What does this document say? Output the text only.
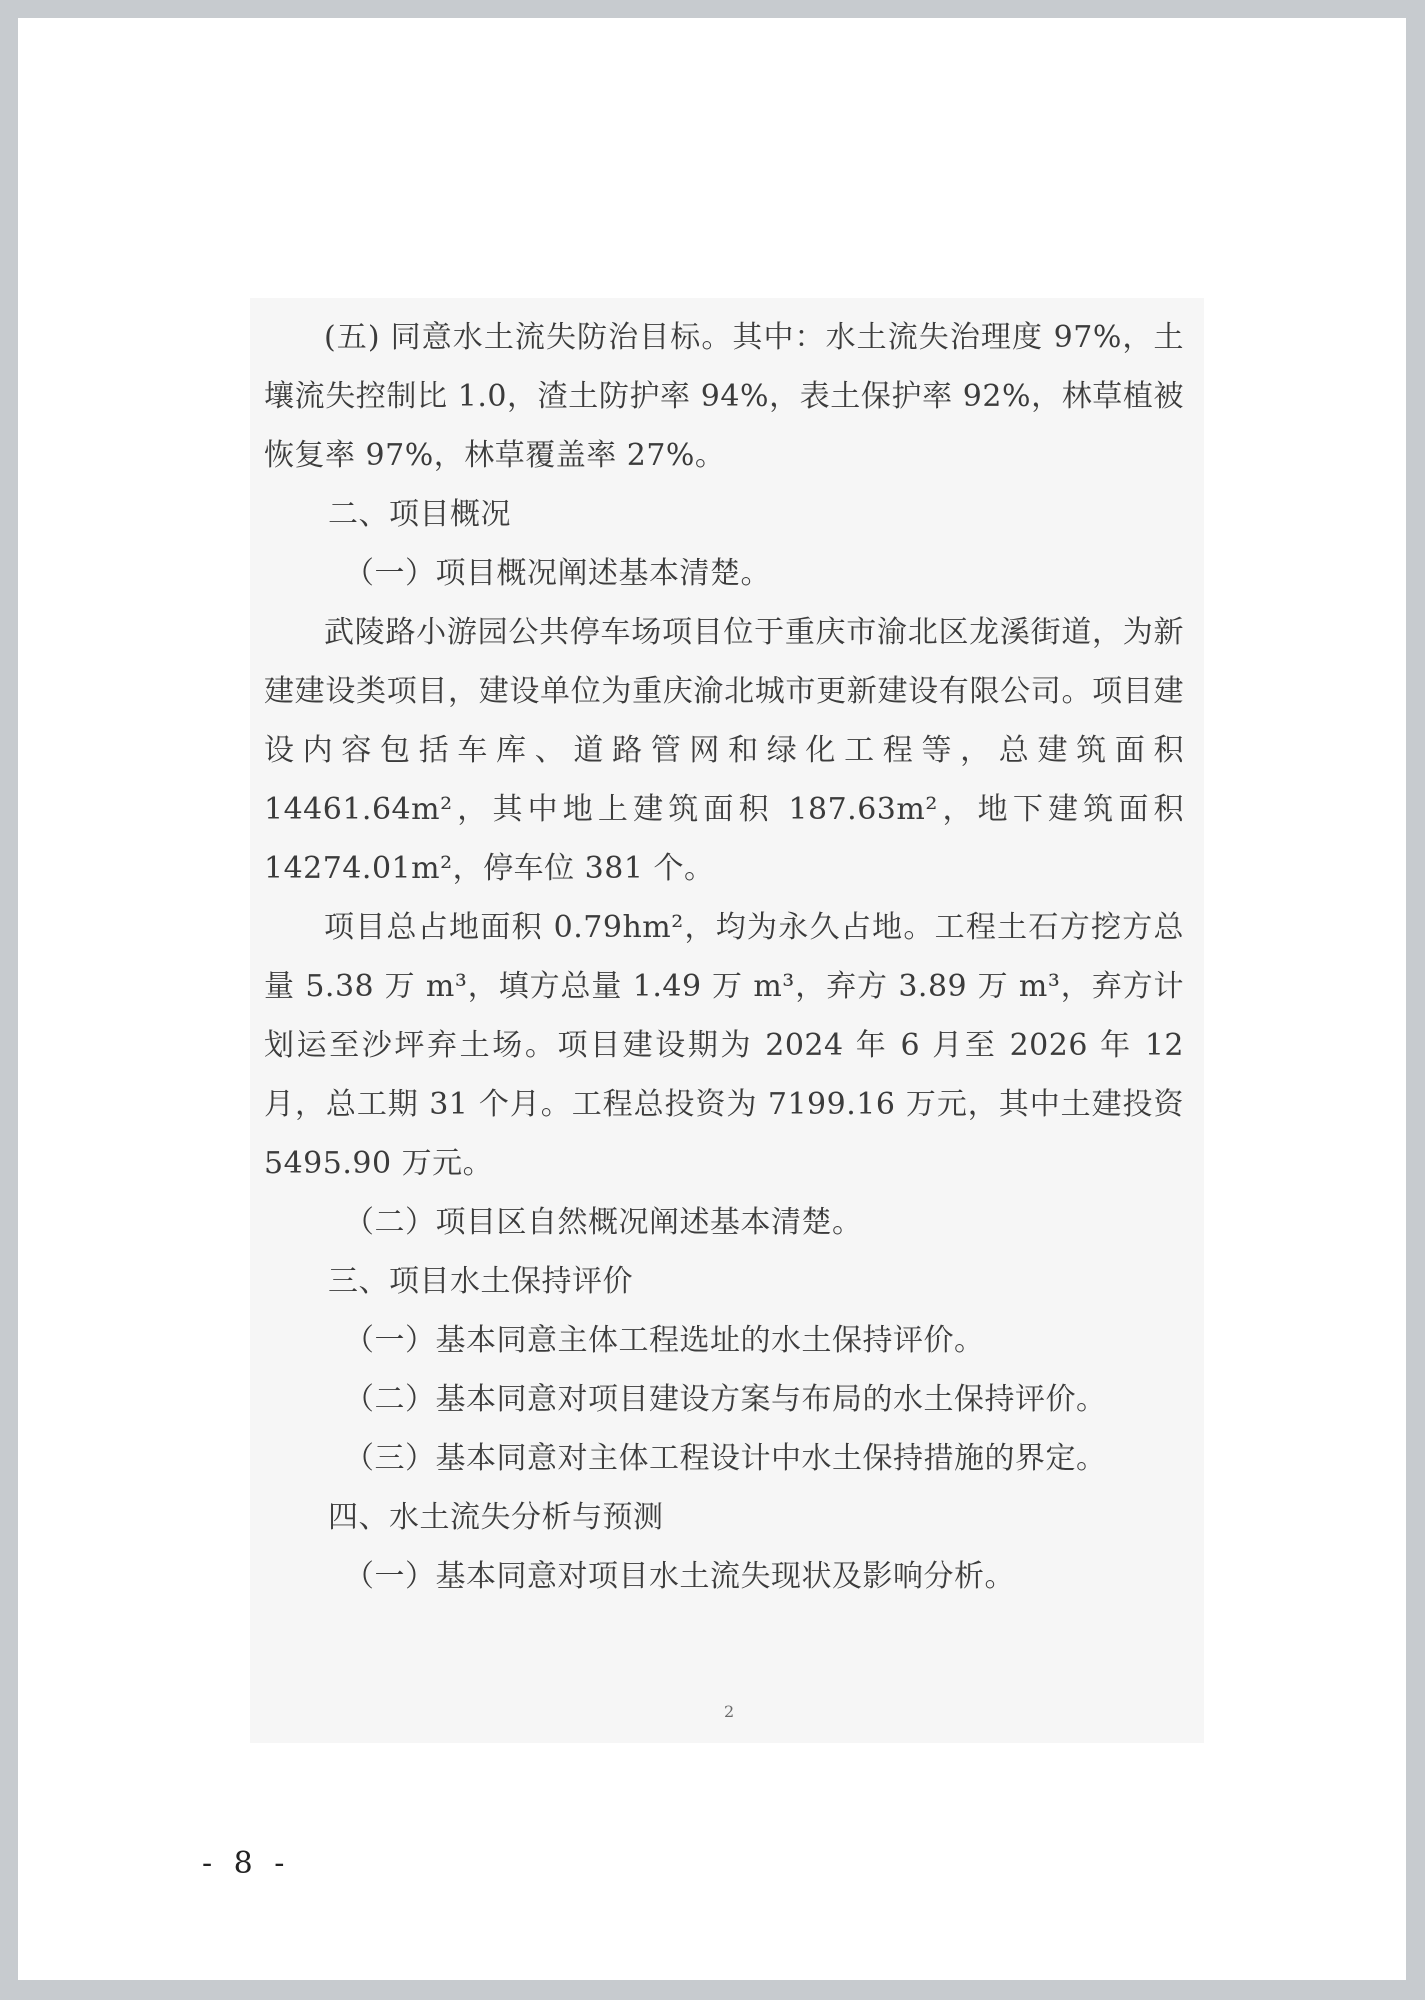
(五) 同意水土流失防治目标。其中：水土流失治理度 97%，土壤流失控制比 1.0，渣土防护率 94%，表土保护率 92%，林草植被恢复率 97%，林草覆盖率 27%。

二、项目概况

（一）项目概况阐述基本清楚。

武陵路小游园公共停车场项目位于重庆市渝北区龙溪街道，为新建建设类项目，建设单位为重庆渝北城市更新建设有限公司。项目建设内容包括车库、道路管网和绿化工程等，总建筑面积 14461.64m²，其中地上建筑面积 187.63m²，地下建筑面积 14274.01m²，停车位 381 个。

项目总占地面积 0.79hm²，均为永久占地。工程土石方挖方总量 5.38 万 m³，填方总量 1.49 万 m³，弃方 3.89 万 m³，弃方计划运至沙坪弃土场。项目建设期为 2024 年 6 月至 2026 年 12 月，总工期 31 个月。工程总投资为 7199.16 万元，其中土建投资 5495.90 万元。

（二）项目区自然概况阐述基本清楚。

三、项目水土保持评价

（一）基本同意主体工程选址的水土保持评价。

（二）基本同意对项目建设方案与布局的水土保持评价。

（三）基本同意对主体工程设计中水土保持措施的界定。

四、水土流失分析与预测

（一）基本同意对项目水土流失现状及影响分析。

2
- 8 -
